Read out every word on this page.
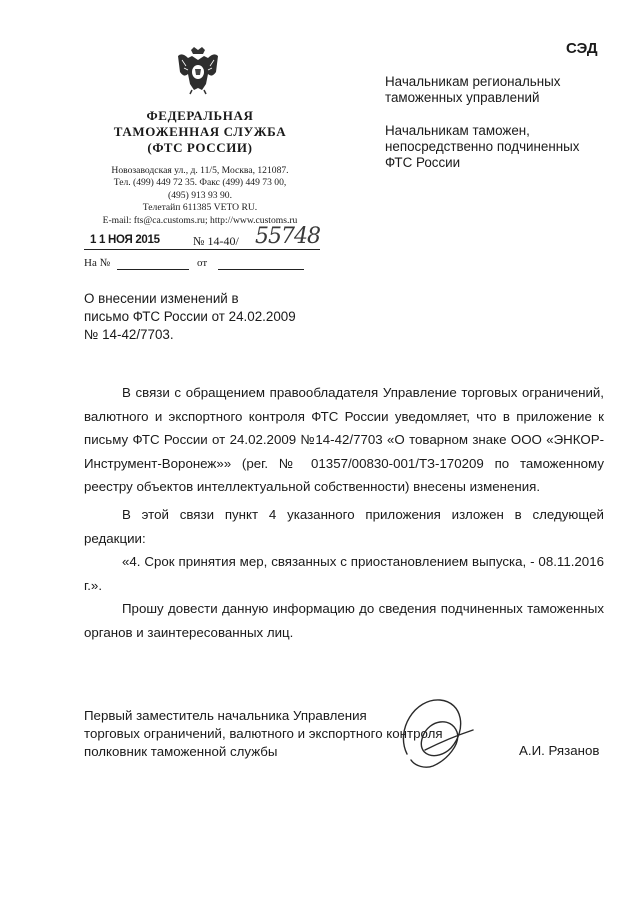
СЭД
ФЕДЕРАЛЬНАЯ
ТАМОЖЕННАЯ СЛУЖБА
(ФТС РОССИИ)
Новозаводская ул., д. 11/5, Москва, 121087.
Тел. (499) 449 72 35. Факс (499) 449 73 00,
(495) 913 93 90.
Телетайп 611385 VETO RU.
E-mail: fts@ca.customs.ru; http://www.customs.ru
1 1 НОЯ 2015	№ 14-40/ 55748
На №	от

Начальникам региональных
таможенных управлений

Начальникам таможен,
непосредственно подчиненных
ФТС России

О внесении изменений в
письмо ФТС России от 24.02.2009
№ 14-42/7703.

В связи с обращением правообладателя Управление торговых ограничений, валютного и экспортного контроля ФТС России уведомляет, что в приложение к письму ФТС России от 24.02.2009 №14-42/7703 «О товарном знаке ООО «ЭНКОР-Инструмент-Воронеж»» (рег. № 01357/00830-001/ТЗ-170209 по таможенному реестру объектов интеллектуальной собственности) внесены изменения.

В этой связи пункт 4 указанного приложения изложен в следующей редакции:

«4. Срок принятия мер, связанных с приостановлением выпуска, - 08.11.2016 г.».

Прошу довести данную информацию до сведения подчиненных таможенных органов и заинтересованных лиц.

Первый заместитель начальника Управления
торговых ограничений, валютного и экспортного контроля
полковник таможенной службы	А.И. Рязанов
